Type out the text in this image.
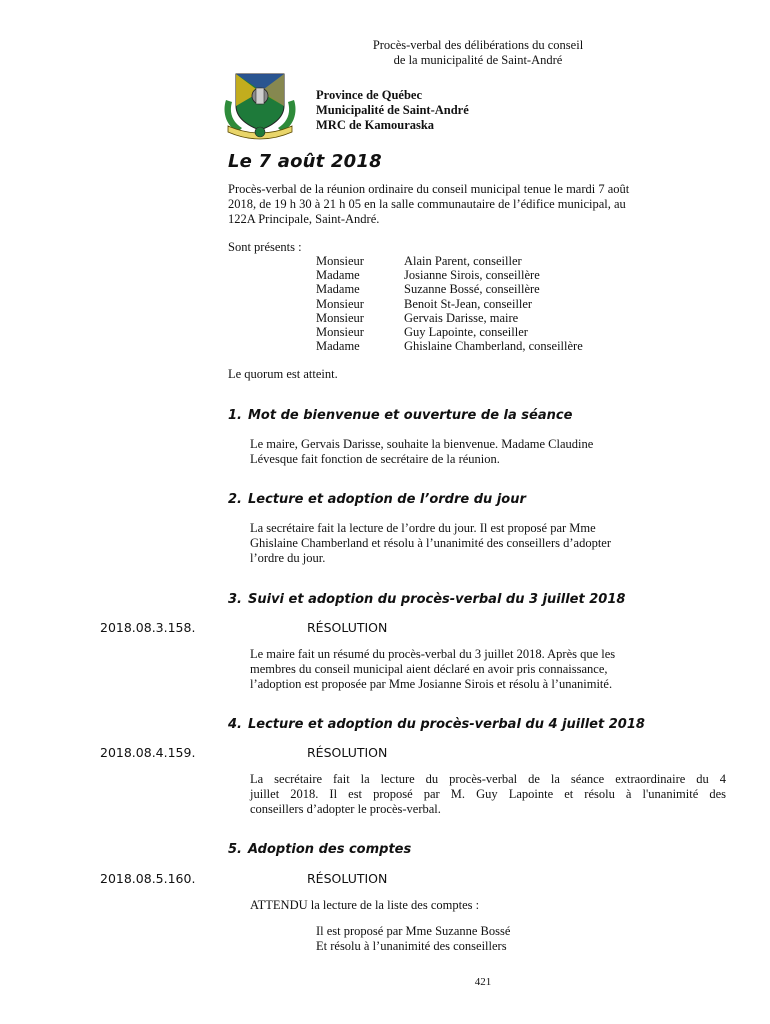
Procès-verbal des délibérations du conseil
de la municipalité de Saint-André
Province de Québec
Municipalité de Saint-André
MRC de Kamouraska
Le 7 août 2018
Procès-verbal de la réunion ordinaire du conseil municipal tenue le mardi 7 août
2018, de 19 h 30 à 21 h 05 en la salle communautaire de l’édifice municipal, au
122A Principale, Saint-André.
Sont présents :
Monsieur	Alain Parent, conseiller
Madame	Josianne Sirois, conseillère
Madame	Suzanne Bossé, conseillère
Monsieur	Benoit St-Jean, conseiller
Monsieur	Gervais Darisse, maire
Monsieur	Guy Lapointe, conseiller
Madame	Ghislaine Chamberland, conseillère
Le quorum est atteint.
1. Mot de bienvenue et ouverture de la séance
Le maire, Gervais Darisse, souhaite la bienvenue. Madame Claudine
Lévesque fait fonction de secrétaire de la réunion.
2. Lecture et adoption de l’ordre du jour
La secrétaire fait la lecture de l’ordre du jour. Il est proposé par Mme
Ghislaine Chamberland et résolu à l’unanimité des conseillers d’adopter
l’ordre du jour.
3. Suivi et adoption du procès-verbal du 3 juillet 2018
2018.08.3.158.	RÉSOLUTION
Le maire fait un résumé du procès-verbal du 3 juillet 2018. Après que les
membres du conseil municipal aient déclaré en avoir pris connaissance,
l’adoption est proposée par Mme Josianne Sirois et résolu à l’unanimité.
4. Lecture et adoption du procès-verbal du 4 juillet 2018
2018.08.4.159.	RÉSOLUTION
La secrétaire fait la lecture du procès-verbal de la séance extraordinaire du 4
juillet 2018. Il est proposé par M. Guy Lapointe et résolu à l'unanimité des
conseillers d’adopter le procès-verbal.
5. Adoption des comptes
2018.08.5.160.	RÉSOLUTION
ATTENDU la lecture de la liste des comptes :
Il est proposé par Mme Suzanne Bossé
Et résolu à l’unanimité des conseillers
421
